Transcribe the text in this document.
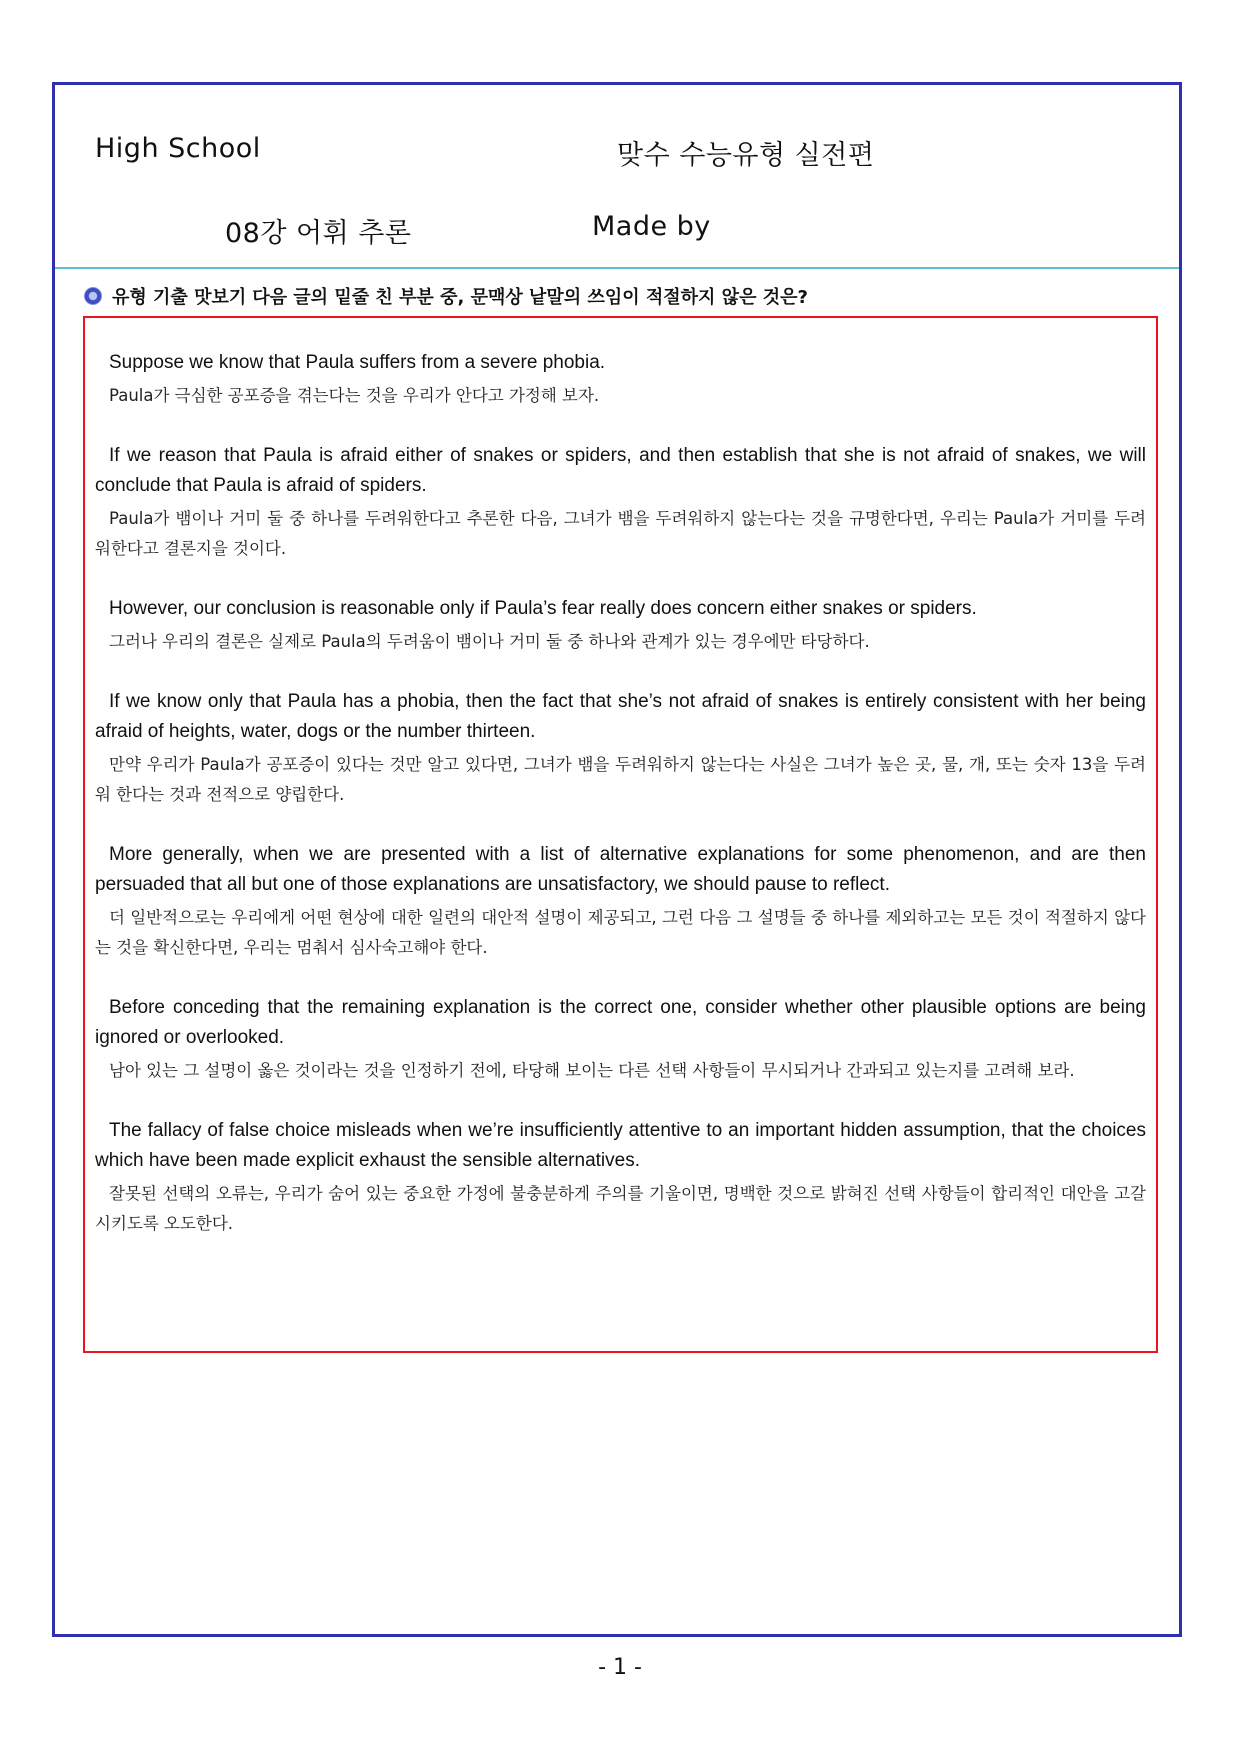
High School	맞수 수능유형 실전편
08강 어휘 추론	Made by
유형 기출 맛보기 다음 글의 밑줄 친 부분 중, 문맥상 낱말의 쓰임이 적절하지 않은 것은?

Suppose we know that Paula suffers from a severe phobia.

Paula가 극심한 공포증을 겪는다는 것을 우리가 안다고 가정해 보자.

If we reason that Paula is afraid either of snakes or spiders, and then establish that she is not afraid of snakes, we will conclude that Paula is afraid of spiders.

Paula가 뱀이나 거미 둘 중 하나를 두려워한다고 추론한 다음, 그녀가 뱀을 두려워하지 않는다는 것을 규명한다면, 우리는 Paula가 거미를 두려워한다고 결론지을 것이다.

However, our conclusion is reasonable only if Paula’s fear really does concern either snakes or spiders.

그러나 우리의 결론은 실제로 Paula의 두려움이 뱀이나 거미 둘 중 하나와 관계가 있는 경우에만 타당하다.

If we know only that Paula has a phobia, then the fact that she’s not afraid of snakes is entirely consistent with her being afraid of heights, water, dogs or the number thirteen.

만약 우리가 Paula가 공포증이 있다는 것만 알고 있다면, 그녀가 뱀을 두려워하지 않는다는 사실은 그녀가 높은 곳, 물, 개, 또는 숫자 13을 두려워 한다는 것과 전적으로 양립한다.

More generally, when we are presented with a list of alternative explanations for some phenomenon, and are then persuaded that all but one of those explanations are unsatisfactory, we should pause to reflect.

더 일반적으로는 우리에게 어떤 현상에 대한 일련의 대안적 설명이 제공되고, 그런 다음 그 설명들 중 하나를 제외하고는 모든 것이 적절하지 않다는 것을 확신한다면, 우리는 멈춰서 심사숙고해야 한다.

Before conceding that the remaining explanation is the correct one, consider whether other plausible options are being ignored or overlooked.

남아 있는 그 설명이 옳은 것이라는 것을 인정하기 전에, 타당해 보이는 다른 선택 사항들이 무시되거나 간과되고 있는지를 고려해 보라.

The fallacy of false choice misleads when we’re insufficiently attentive to an important hidden assumption, that the choices which have been made explicit exhaust the sensible alternatives.

잘못된 선택의 오류는, 우리가 숨어 있는 중요한 가정에 불충분하게 주의를 기울이면, 명백한 것으로 밝혀진 선택 사항들이 합리적인 대안을 고갈시키도록 오도한다.

- 1 -
